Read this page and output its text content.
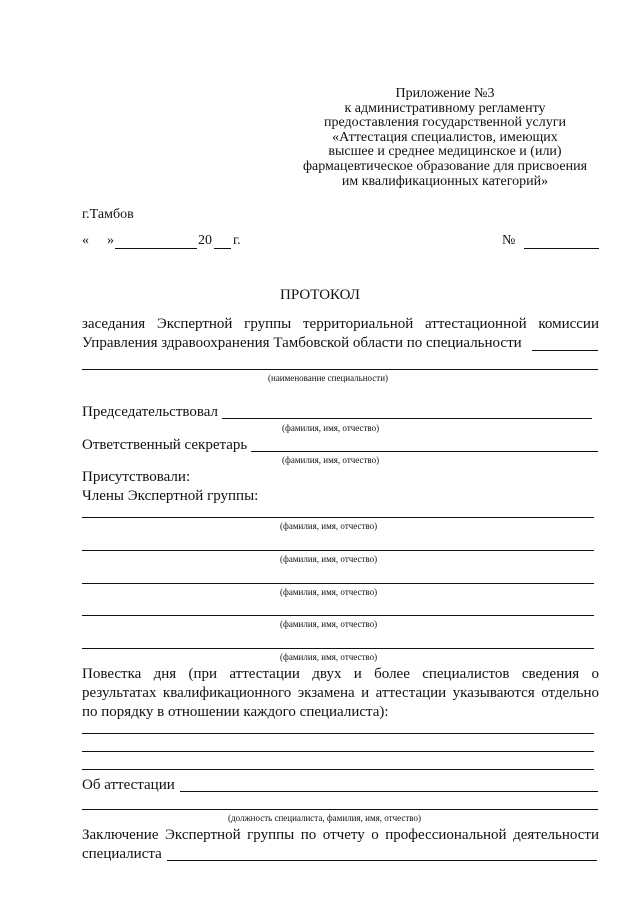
Приложение №3
к административному регламенту
предоставления государственной услуги
«Аттестация специалистов, имеющих
высшее и среднее медицинское и (или)
фармацевтическое образование для присвоения
им квалификационных категорий»
г.Тамбов
« »	20 г.	№
ПРОТОКОЛ
заседания Экспертной группы территориальной аттестационной комиссии
Управления здравоохранения Тамбовской области по специальности
(наименование специальности)
Председательствовал
(фамилия, имя, отчество)
Ответственный секретарь
(фамилия, имя, отчество)
Присутствовали:
Члены Экспертной группы:
(фамилия, имя, отчество)
(фамилия, имя, отчество)
(фамилия, имя, отчество)
(фамилия, имя, отчество)
(фамилия, имя, отчество)
Повестка дня (при аттестации двух и более специалистов сведения о
результатах квалификационного экзамена и аттестации указываются отдельно
по порядку в отношении каждого специалиста):
Об аттестации
(должность специалиста, фамилия, имя, отчество)
Заключение Экспертной группы по отчету о профессиональной деятельности
специалиста
